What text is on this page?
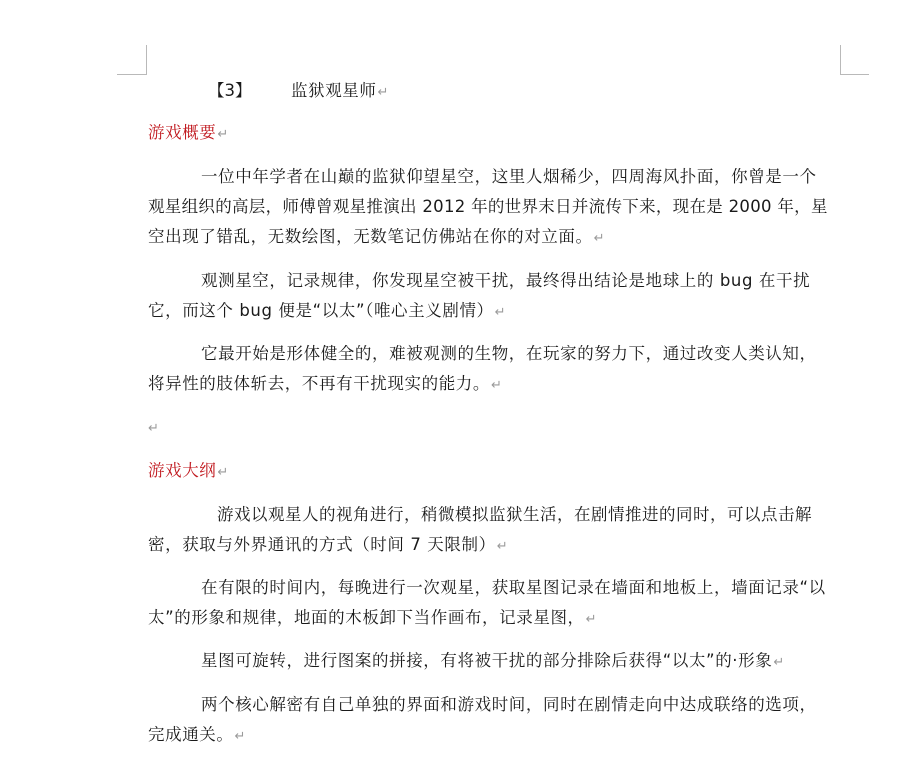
【3】 监狱观星师↵
游戏概要↵
一位中年学者在山巅的监狱仰望星空，这里人烟稀少，四周海风扑面，你曾是一个
观星组织的高层，师傅曾观星推演出 2012 年的世界末日并流传下来，现在是 2000 年，星
空出现了错乱，无数绘图，无数笔记仿佛站在你的对立面。↵
观测星空，记录规律，你发现星空被干扰，最终得出结论是地球上的 bug 在干扰
它，而这个 bug 便是“以太”（唯心主义剧情）↵
它最开始是形体健全的，难被观测的生物，在玩家的努力下，通过改变人类认知，
将异性的肢体斩去，不再有干扰现实的能力。↵
↵
游戏大纲↵
游戏以观星人的视角进行，稍微模拟监狱生活，在剧情推进的同时，可以点击解
密，获取与外界通讯的方式（时间 7 天限制）↵
在有限的时间内，每晚进行一次观星，获取星图记录在墙面和地板上，墙面记录“以
太”的形象和规律，地面的木板卸下当作画布，记录星图，↵
星图可旋转，进行图案的拼接，有将被干扰的部分排除后获得“以太”的·形象↵
两个核心解密有自己单独的界面和游戏时间，同时在剧情走向中达成联络的选项，
完成通关。↵
